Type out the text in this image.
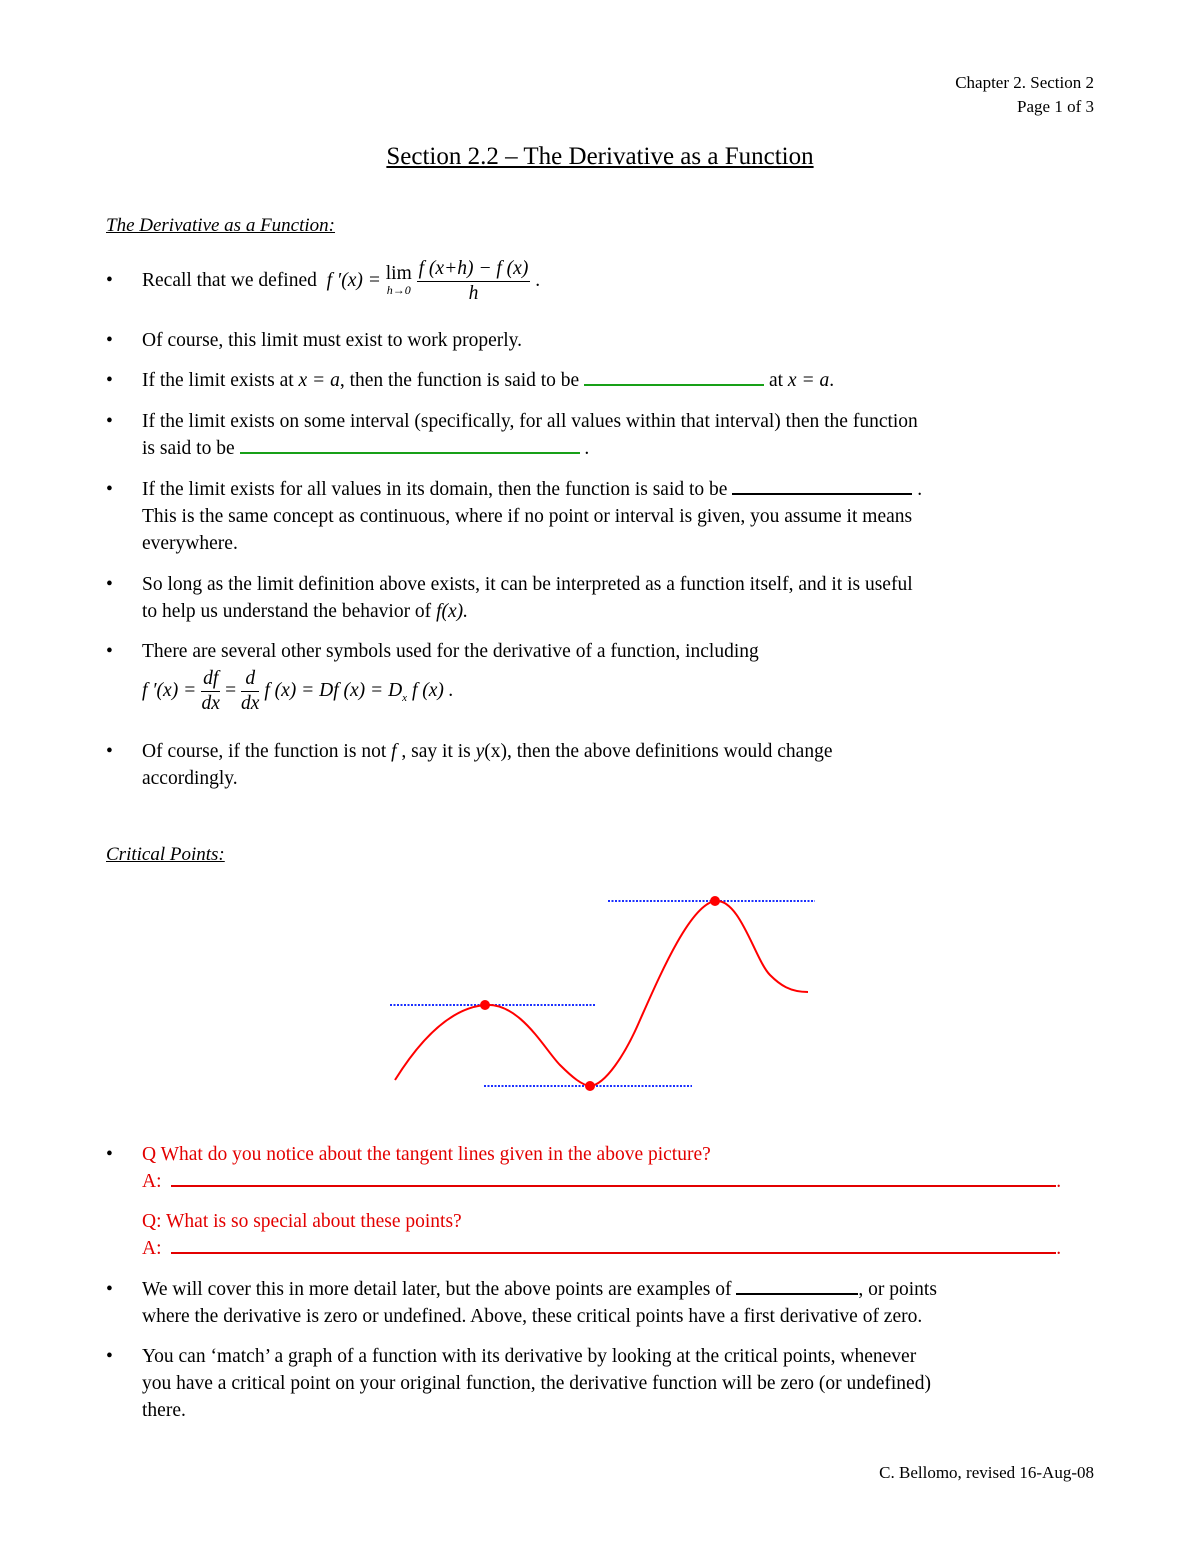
Chapter 2. Section 2
Page 1 of 3
Section 2.2 – The Derivative as a Function
The Derivative as a Function:
• Recall that we defined f ′(x) = lim
h→0
$\frac{f (x+h) - f (x)}{h}$ .
• Of course, this limit must exist to work properly.
• If the limit exists at x = a, then the function is said to be	at x = a.
• If the limit exists on some interval (specifically, for all values within that interval) then the function
is said to be	.
• If the limit exists for all values in its domain, then the function is said to be	.
This is the same concept as continuous, where if no point or interval is given, you assume it means
everywhere.
• So long as the limit definition above exists, it can be interpreted as a function itself, and it is useful
to help us understand the behavior of f(x).
• There are several other symbols used for the derivative of a function, including
f $'(x) = \frac{df}{dx} = \frac{d}{dx}$ f (x) = Df $(x) = D_x$ f (x) .
• Of course, if the function is not f , say it is y(x), then the above definitions would change
accordingly.
Critical Points:
• Q What do you notice about the tangent lines given in the above picture?
A:	.
Q: What is so special about these points?
A:	.
• We will cover this in more detail later, but the above points are examples of	, or points
where the derivative is zero or undefined. Above, these critical points have a first derivative of zero.
• You can ‘match’ a graph of a function with its derivative by looking at the critical points, whenever
you have a critical point on your original function, the derivative function will be zero (or undefined)
there.
C. Bellomo, revised 16-Aug-08
